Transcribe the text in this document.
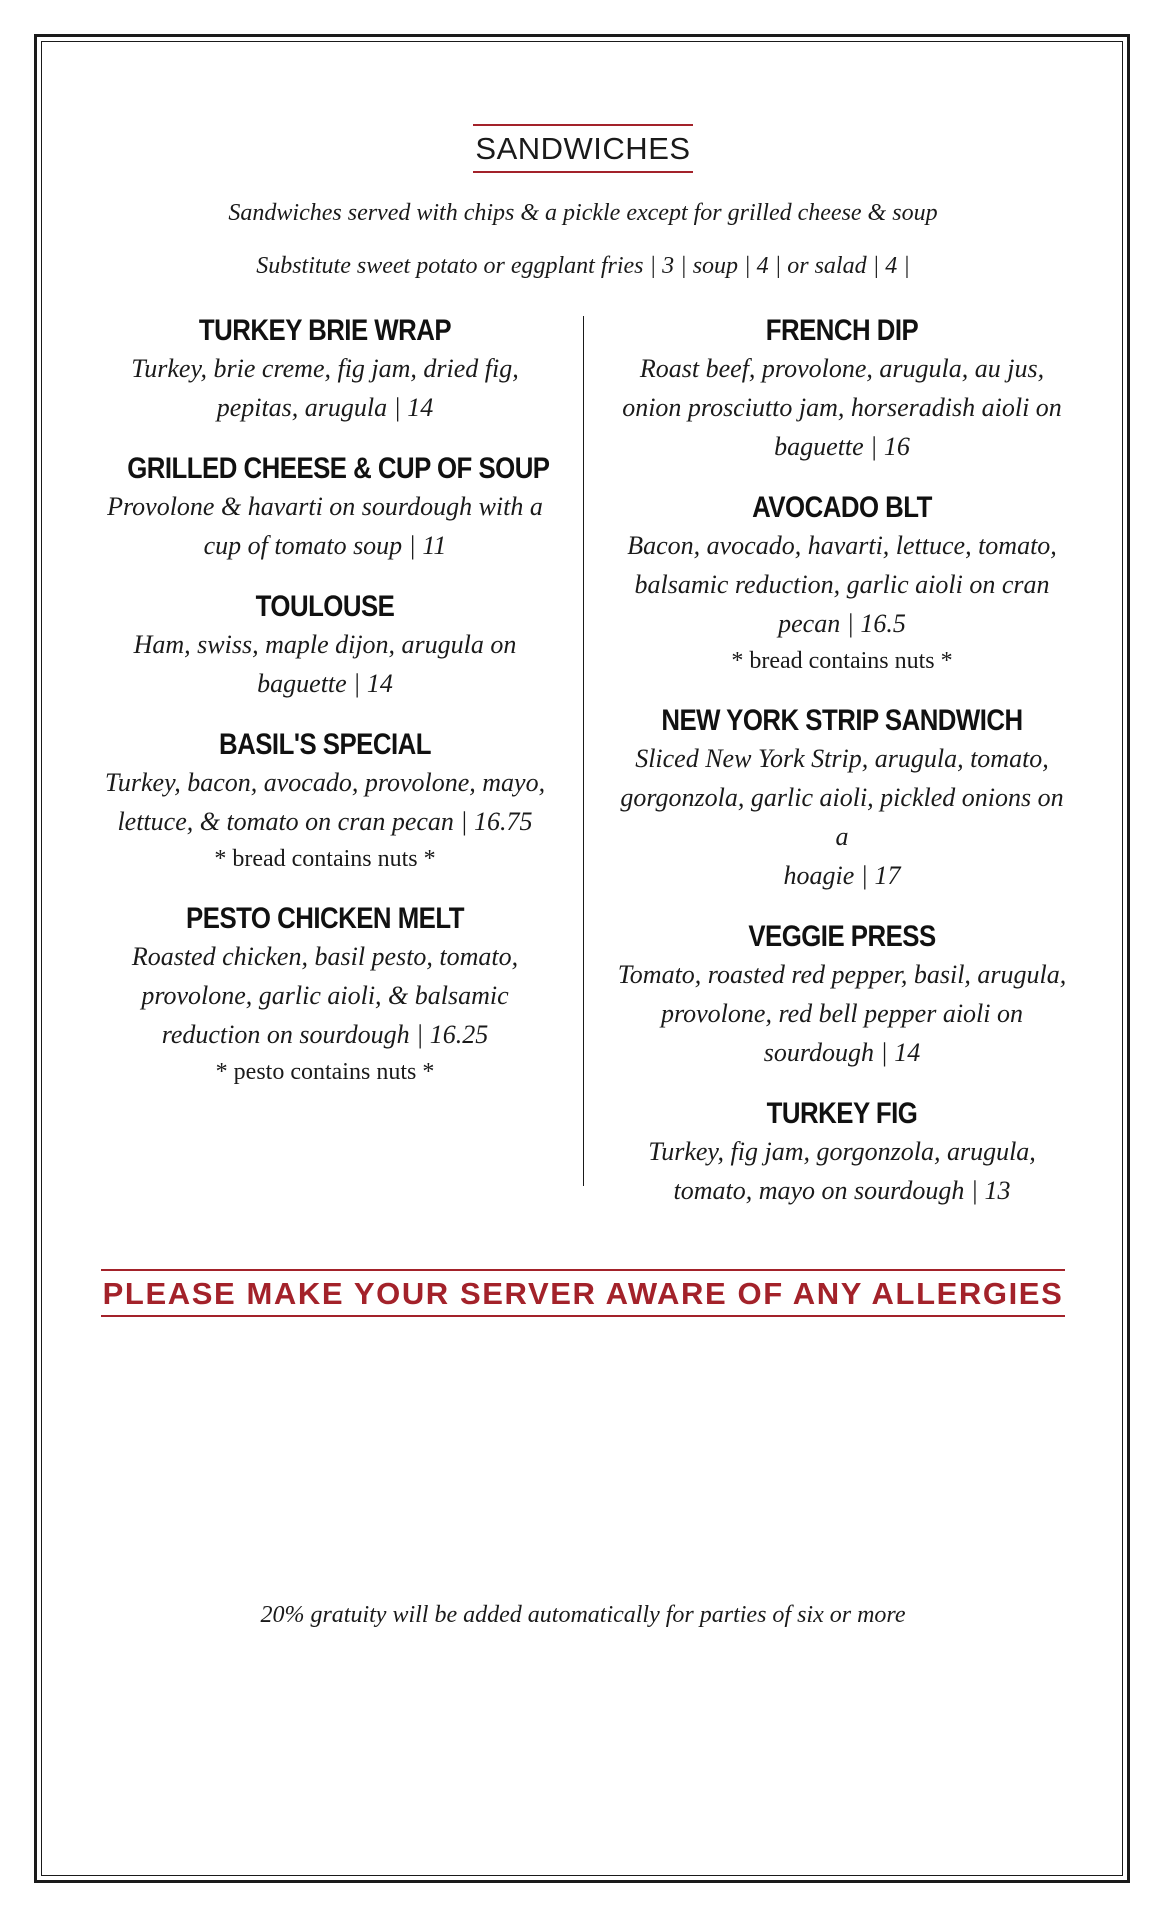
SANDWICHES
Sandwiches served with chips & a pickle except for grilled cheese & soup
Substitute sweet potato or eggplant fries | 3 | soup | 4 | or salad | 4 |
TURKEY BRIE WRAP
Turkey, brie creme, fig jam, dried fig,
pepitas, arugula | 14
GRILLED CHEESE & CUP OF SOUP
Provolone & havarti on sourdough with a
cup of tomato soup | 11
TOULOUSE
Ham, swiss, maple dijon, arugula on
baguette | 14
BASIL'S SPECIAL
Turkey, bacon, avocado, provolone, mayo,
lettuce, & tomato on cran pecan | 16.75
* bread contains nuts *
PESTO CHICKEN MELT
Roasted chicken, basil pesto, tomato,
provolone, garlic aioli, & balsamic
reduction on sourdough | 16.25
* pesto contains nuts *
FRENCH DIP
Roast beef, provolone, arugula, au jus,
onion prosciutto jam, horseradish aioli on
baguette | 16
AVOCADO BLT
Bacon, avocado, havarti, lettuce, tomato,
balsamic reduction, garlic aioli on cran
pecan | 16.5
* bread contains nuts *
NEW YORK STRIP SANDWICH
Sliced New York Strip, arugula, tomato,
gorgonzola, garlic aioli, pickled onions on a
hoagie | 17
VEGGIE PRESS
Tomato, roasted red pepper, basil, arugula,
provolone, red bell pepper aioli on
sourdough | 14
TURKEY FIG
Turkey, fig jam, gorgonzola, arugula,
tomato, mayo on sourdough | 13
PLEASE MAKE YOUR SERVER AWARE OF ANY ALLERGIES
20% gratuity will be added automatically for parties of six or more
